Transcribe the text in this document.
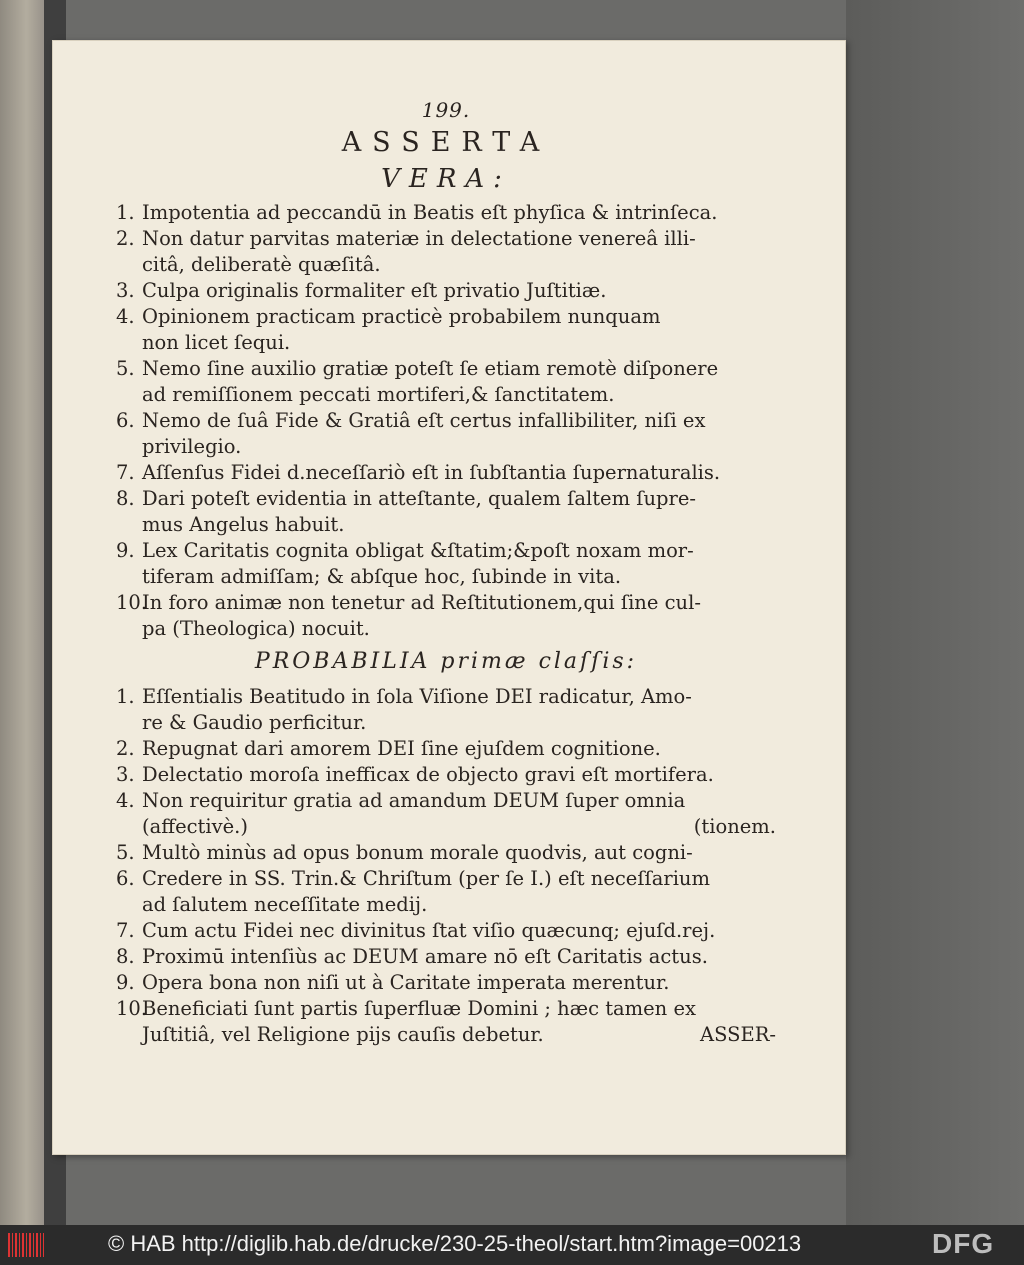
199.
ASSERTA
VERA:
1. Impotentia ad peccandū in Beatis eſt phyſica & intrinſeca.
2. Non datur parvitas materiæ in delectatione venereâ illi-
citâ, deliberatè quæſitâ.
3. Culpa originalis formaliter eſt privatio Juſtitiæ.
4. Opinionem practicam practicè probabilem nunquam
non licet ſequi.
5. Nemo ſine auxilio gratiæ poteſt ſe etiam remotè diſponere
ad remiſſionem peccati mortiferi,& ſanctitatem.
6. Nemo de ſuâ Fide & Gratiâ eſt certus infallibiliter, niſi ex
privilegio.
7. Aſſenſus Fidei d.neceſſariò eſt in ſubſtantia ſupernaturalis.
8. Dari poteſt evidentia in atteſtante, qualem ſaltem ſupre-
mus Angelus habuit.
9. Lex Caritatis cognita obligat &ſtatim;&poſt noxam mor-
tiferam admiſſam; & abſque hoc, ſubinde in vita.
10.
In foro animæ non tenetur ad Reſtitutionem,qui ſine cul-
pa (Theologica) nocuit.
PROBABILIA primæ claſſis:
1. Eſſentialis Beatitudo in ſola Viſione DEI radicatur, Amo-
re & Gaudio perficitur.
2. Repugnat dari amorem DEI ſine ejuſdem cognitione.
3. Delectatio moroſa inefficax de objecto gravi eſt mortifera.
4. Non requiritur gratia ad amandum DEUM ſuper omnia
(affectivè.)	(tionem.
5. Multò minùs ad opus bonum morale quodvis, aut cogni-
6. Credere in SS. Trin.& Chriſtum (per ſe I.) eſt neceſſarium
ad ſalutem neceſſitate medij.
7. Cum actu Fidei nec divinitus ſtat viſio quæcunq; ejuſd.rej.
8. Proximū intenſiùs ac DEUM amare nō eſt Caritatis actus.
9. Opera bona non niſi ut à Caritate imperata merentur.
10.
Beneficiati ſunt partis ſuperfluæ Domini ; hæc tamen ex
Juſtitiâ, vel Religione pijs cauſis debetur.	ASSER-
© HAB http://diglib.hab.de/drucke/230-25-theol/start.htm?image=00213	DFG
